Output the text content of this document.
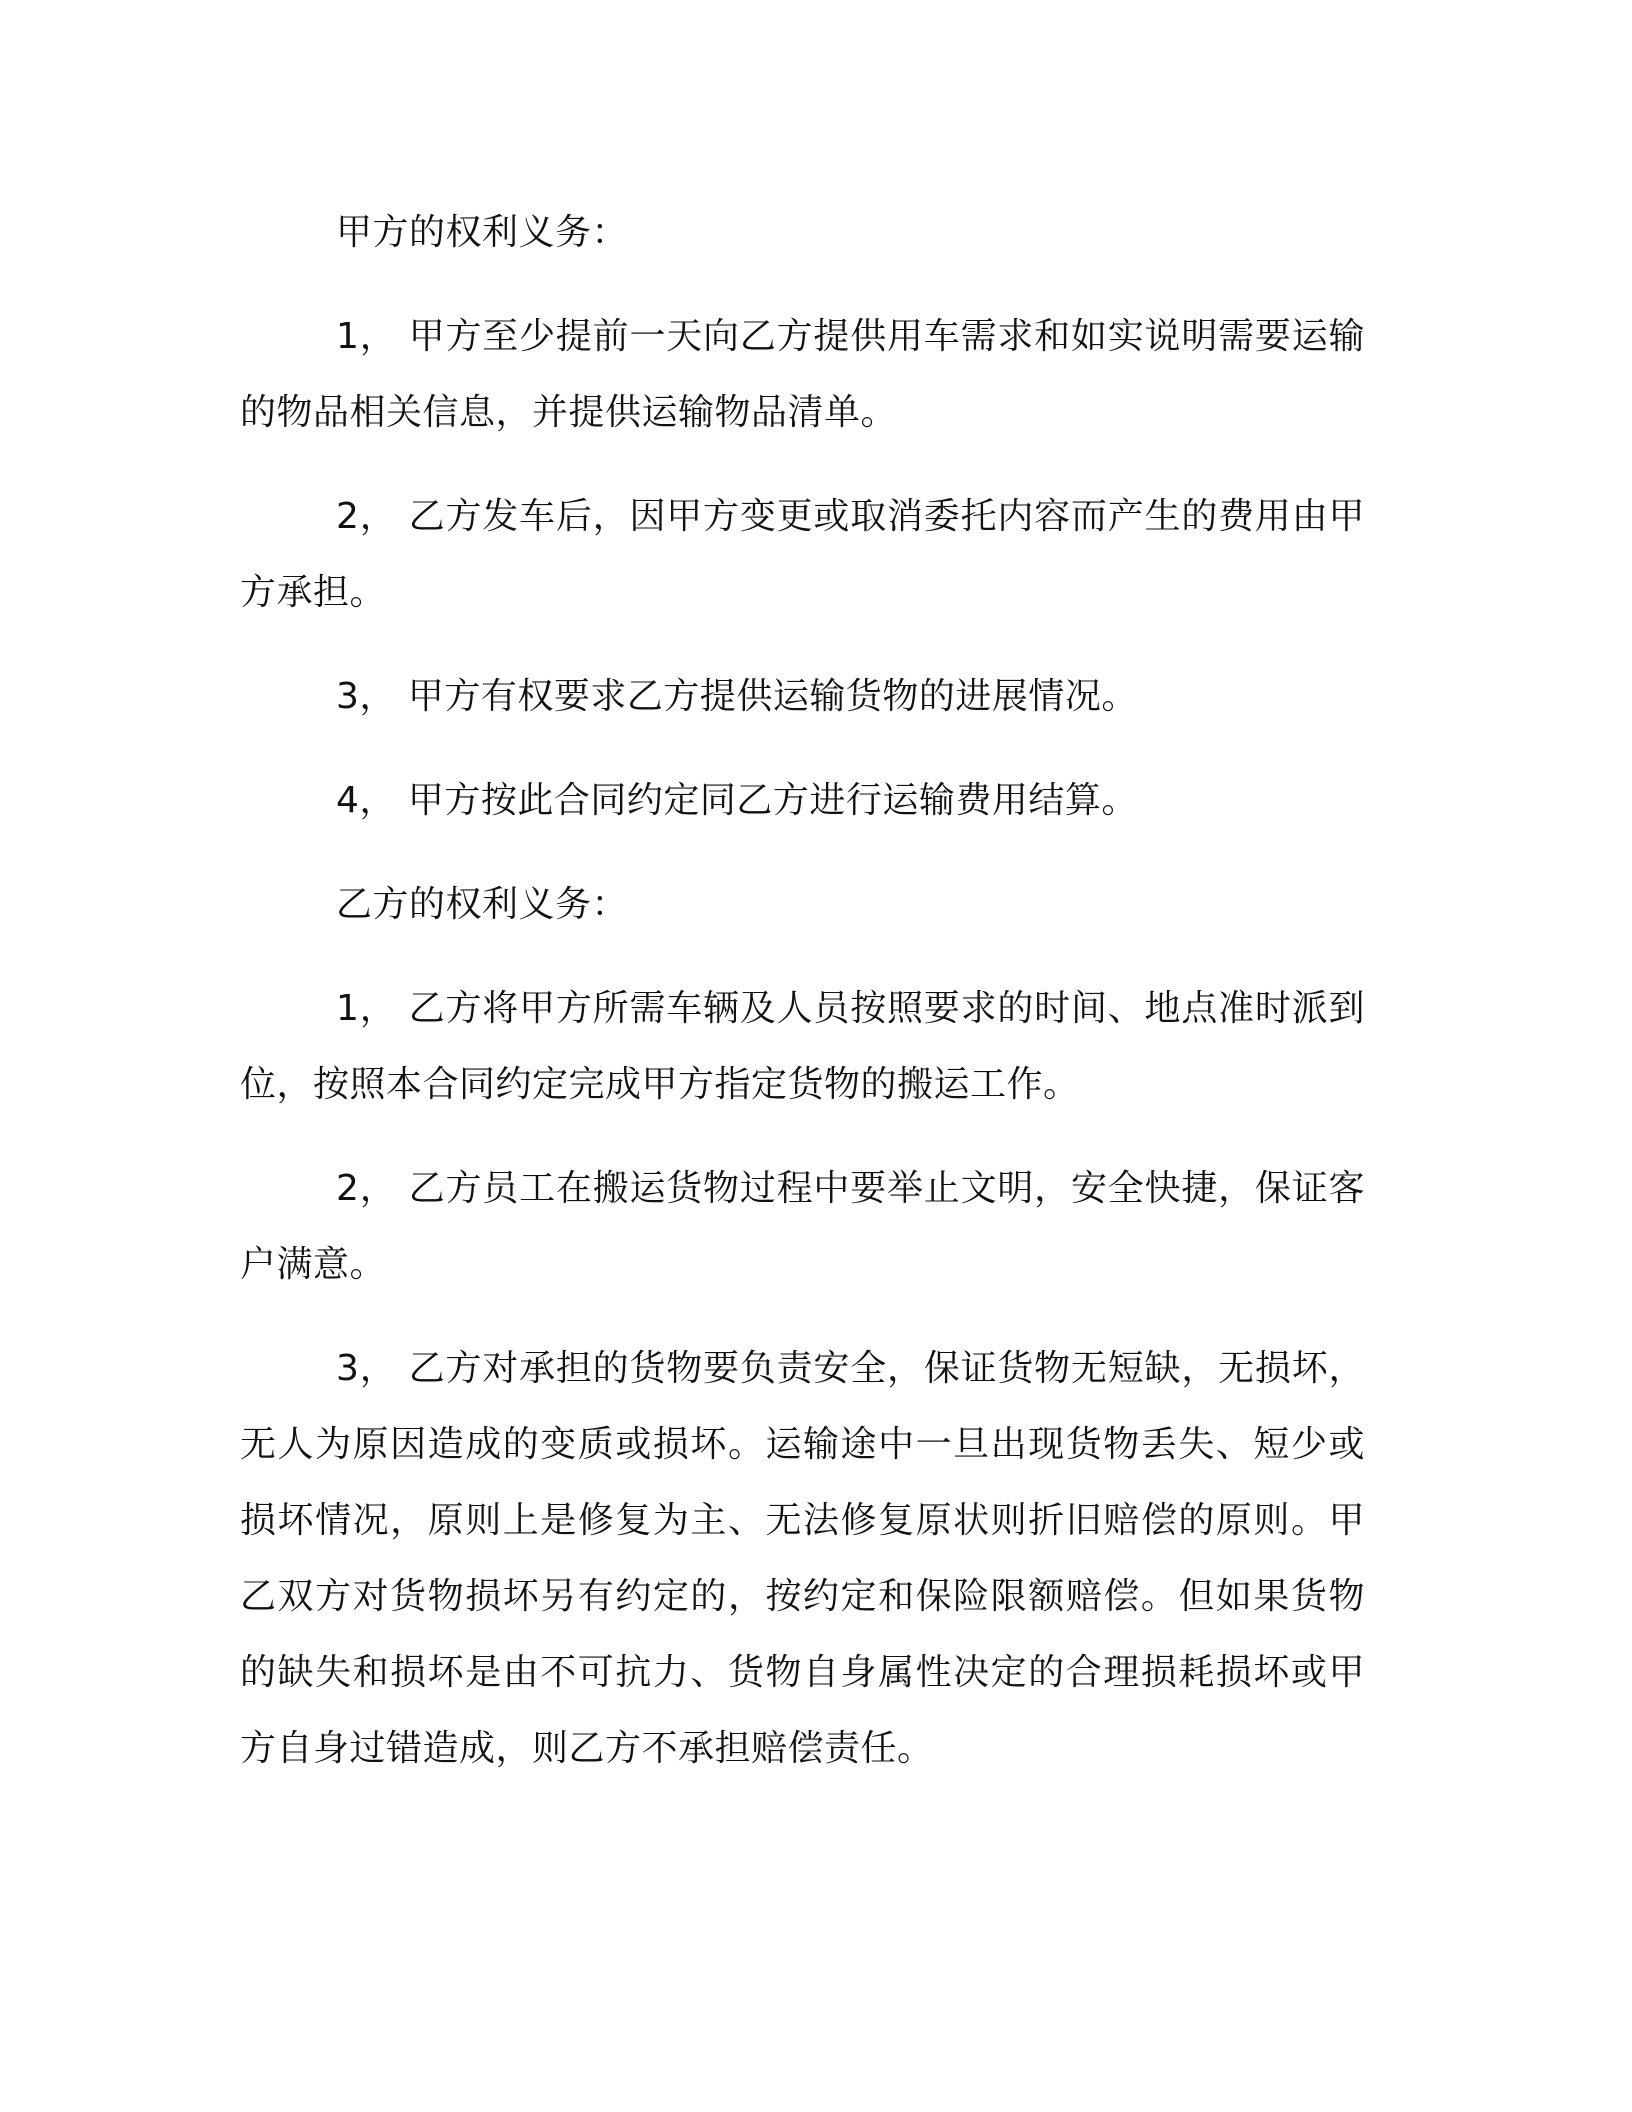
甲方的权利义务：

1， 甲方至少提前一天向乙方提供用车需求和如实说明需要运输的物品相关信息，并提供运输物品清单。

2， 乙方发车后，因甲方变更或取消委托内容而产生的费用由甲方承担。

3， 甲方有权要求乙方提供运输货物的进展情况。

4， 甲方按此合同约定同乙方进行运输费用结算。

乙方的权利义务：

1， 乙方将甲方所需车辆及人员按照要求的时间、地点准时派到位，按照本合同约定完成甲方指定货物的搬运工作。

2， 乙方员工在搬运货物过程中要举止文明，安全快捷，保证客户满意。

3， 乙方对承担的货物要负责安全，保证货物无短缺，无损坏，无人为原因造成的变质或损坏。运输途中一旦出现货物丢失、短少或损坏情况，原则上是修复为主、无法修复原状则折旧赔偿的原则。甲乙双方对货物损坏另有约定的，按约定和保险限额赔偿。但如果货物的缺失和损坏是由不可抗力、货物自身属性决定的合理损耗损坏或甲方自身过错造成，则乙方不承担赔偿责任。
